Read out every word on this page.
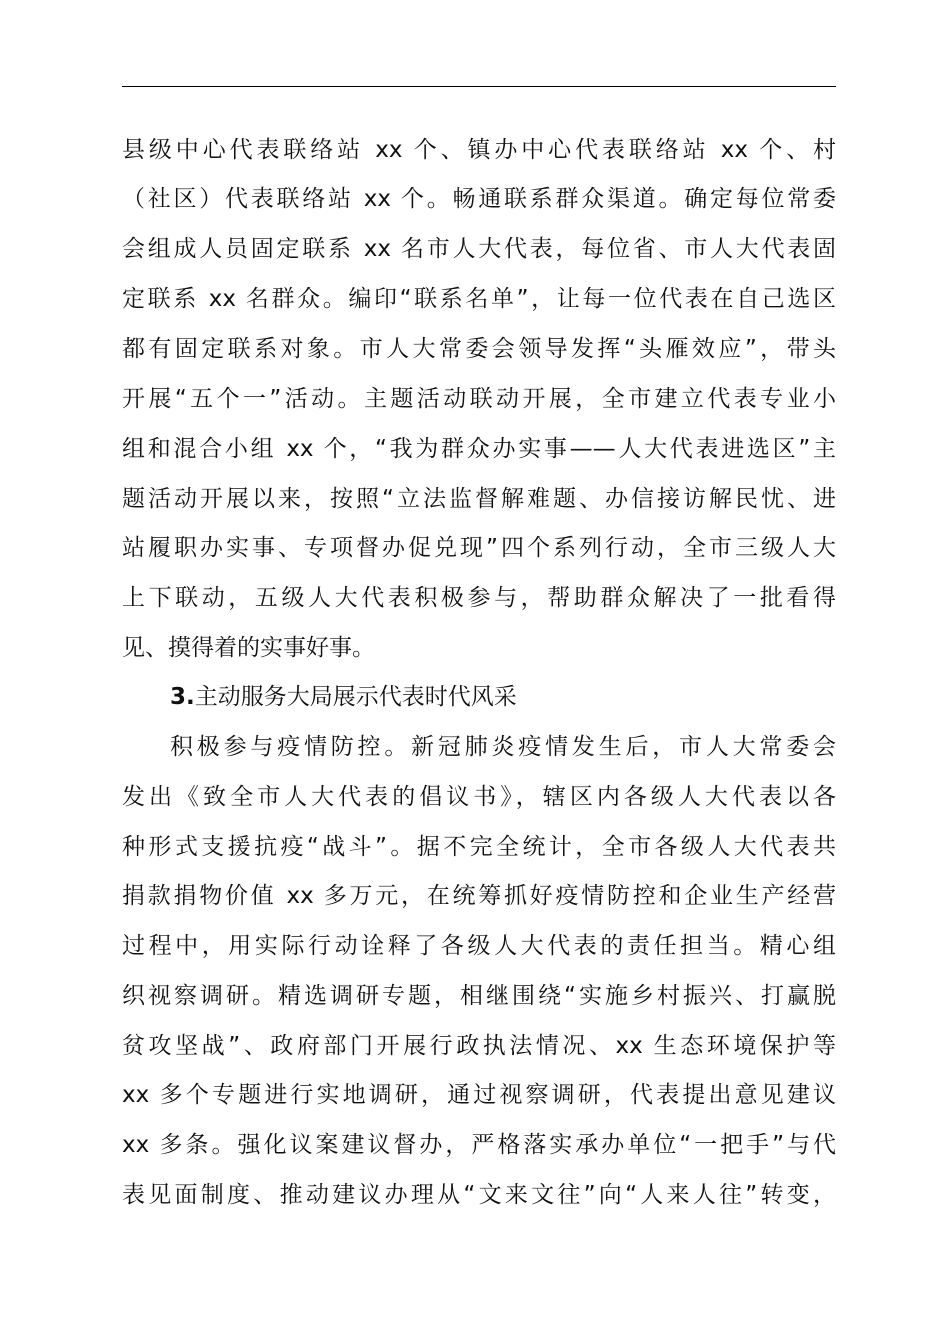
县级中心代表联络站 xx 个、镇办中心代表联络站 xx 个、村
（社区）代表联络站 xx 个。畅通联系群众渠道。确定每位常委
会组成人员固定联系 xx 名市人大代表，每位省、市人大代表固
定联系 xx 名群众。编印“联系名单”，让每一位代表在自己选区
都有固定联系对象。市人大常委会领导发挥“头雁效应”，带头
开展“五个一”活动。主题活动联动开展，全市建立代表专业小
组和混合小组 xx 个，“我为群众办实事——人大代表进选区”主
题活动开展以来，按照“立法监督解难题、办信接访解民忧、进
站履职办实事、专项督办促兑现”四个系列行动，全市三级人大
上下联动，五级人大代表积极参与，帮助群众解决了一批看得
见、摸得着的实事好事。
3.主动服务大局展示代表时代风采
积极参与疫情防控。新冠肺炎疫情发生后，市人大常委会
发出《致全市人大代表的倡议书》，辖区内各级人大代表以各
种形式支援抗疫“战斗”。据不完全统计，全市各级人大代表共
捐款捐物价值 xx 多万元，在统筹抓好疫情防控和企业生产经营
过程中，用实际行动诠释了各级人大代表的责任担当。精心组
织视察调研。精选调研专题，相继围绕“实施乡村振兴、打赢脱
贫攻坚战”、政府部门开展行政执法情况、xx 生态环境保护等
xx 多个专题进行实地调研，通过视察调研，代表提出意见建议
xx 多条。强化议案建议督办，严格落实承办单位“一把手”与代
表见面制度、推动建议办理从“文来文往”向“人来人往”转变，
